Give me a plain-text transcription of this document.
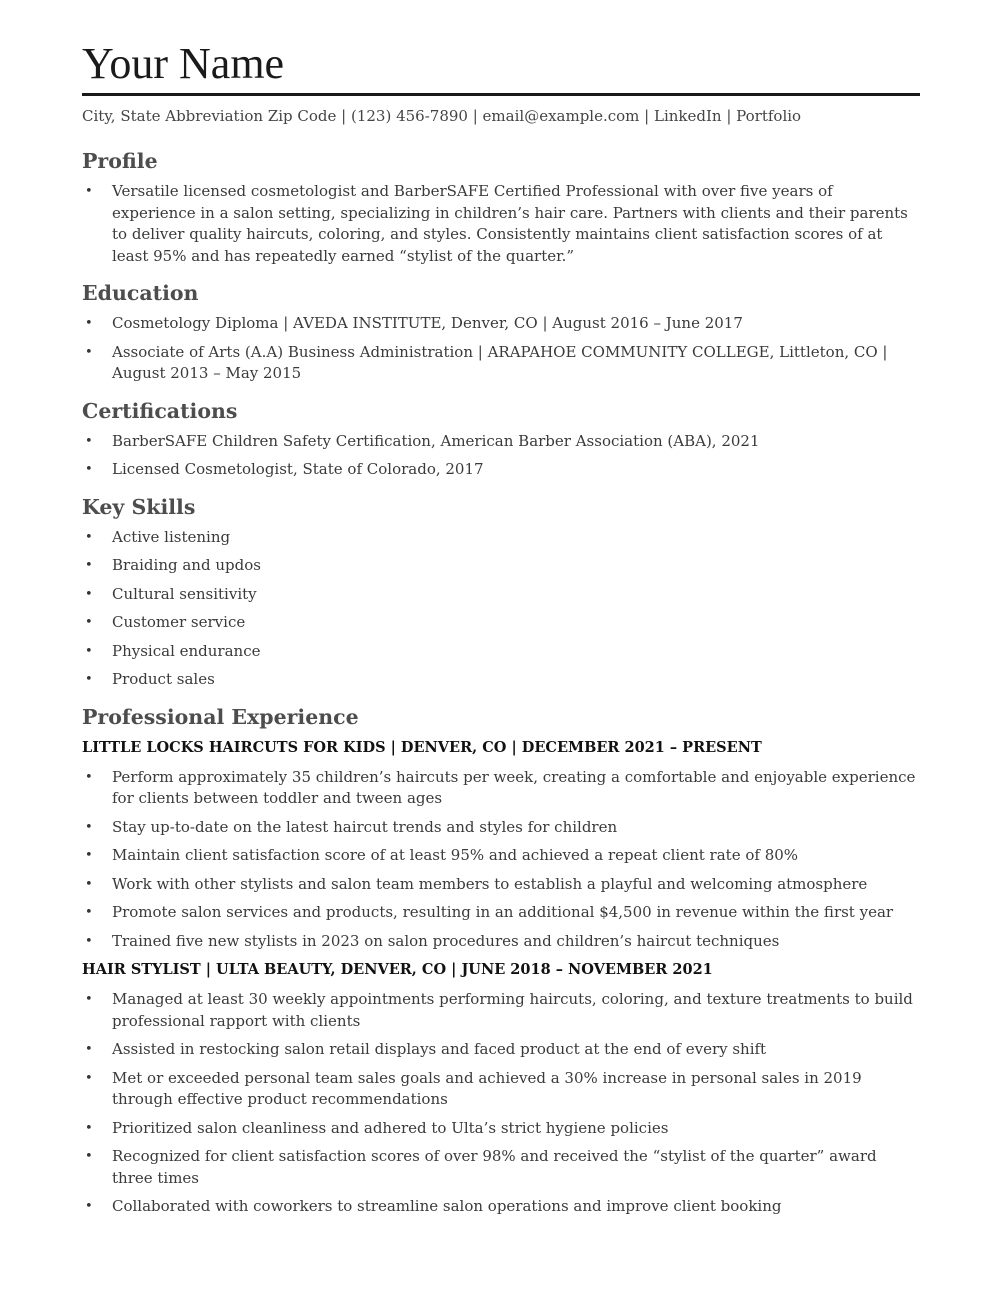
Your Name
City, State Abbreviation Zip Code | (123) 456-7890 | email@example.com | LinkedIn | Portfolio
Profile
• Versatile licensed cosmetologist and BarberSAFE Certified Professional with over five years of experience in a salon setting, specializing in children’s hair care. Partners with clients and their parents to deliver quality haircuts, coloring, and styles. Consistently maintains client satisfaction scores of at least 95% and has repeatedly earned “stylist of the quarter.”
Education
• Cosmetology Diploma | AVEDA INSTITUTE, Denver, CO | August 2016 – June 2017
• Associate of Arts (A.A) Business Administration | ARAPAHOE COMMUNITY COLLEGE, Littleton, CO | August 2013 – May 2015
Certifications
• BarberSAFE Children Safety Certification, American Barber Association (ABA), 2021
• Licensed Cosmetologist, State of Colorado, 2017
Key Skills
• Active listening
• Braiding and updos
• Cultural sensitivity
• Customer service
• Physical endurance
• Product sales
Professional Experience
LITTLE LOCKS HAIRCUTS FOR KIDS | DENVER, CO | DECEMBER 2021 – PRESENT
• Perform approximately 35 children’s haircuts per week, creating a comfortable and enjoyable experience for clients between toddler and tween ages
• Stay up-to-date on the latest haircut trends and styles for children
• Maintain client satisfaction score of at least 95% and achieved a repeat client rate of 80%
• Work with other stylists and salon team members to establish a playful and welcoming atmosphere
• Promote salon services and products, resulting in an additional $4,500 in revenue within the first year
• Trained five new stylists in 2023 on salon procedures and children’s haircut techniques
HAIR STYLIST | ULTA BEAUTY, DENVER, CO | JUNE 2018 – NOVEMBER 2021
• Managed at least 30 weekly appointments performing haircuts, coloring, and texture treatments to build professional rapport with clients
• Assisted in restocking salon retail displays and faced product at the end of every shift
• Met or exceeded personal team sales goals and achieved a 30% increase in personal sales in 2019 through effective product recommendations
• Prioritized salon cleanliness and adhered to Ulta’s strict hygiene policies
• Recognized for client satisfaction scores of over 98% and received the “stylist of the quarter” award three times
• Collaborated with coworkers to streamline salon operations and improve client booking
